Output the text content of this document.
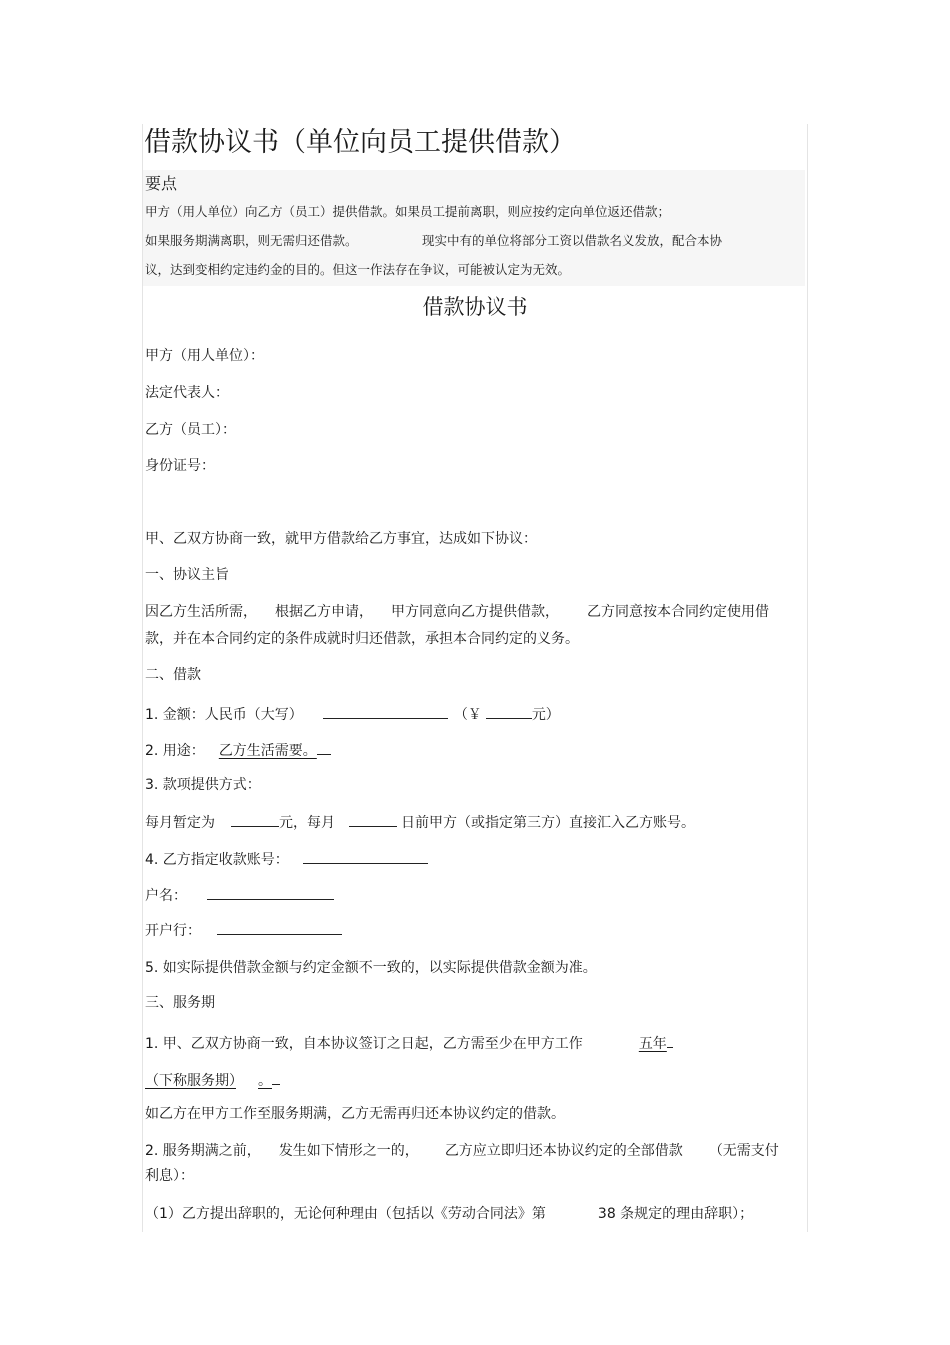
借款协议书（单位向员工提供借款）
要点
甲方（用人单位）向乙方（员工）提供借款。如果员工提前离职，则应按约定向单位返还借款；
如果服务期满离职，则无需归还借款。	现实中有的单位将部分工资以借款名义发放，配合本协
议，达到变相约定违约金的目的。但这一作法存在争议，可能被认定为无效。
借款协议书
甲方（用人单位）：
法定代表人：
乙方（员工）：
身份证号：
甲、乙双方协商一致，就甲方借款给乙方事宜，达成如下协议：
一、协议主旨
因乙方生活所需， 根据乙方申请， 甲方同意向乙方提供借款， 乙方同意按本合同约定使用借
款，并在本合同约定的条件成就时归还借款，承担本合同约定的义务。
二、借款
1. 金额：人民币（大写）	（￥	元）
2. 用途： 乙方生活需要。
3. 款项提供方式：
每月暂定为	元，每月	日前甲方（或指定第三方）直接汇入乙方账号。
4. 乙方指定收款账号：
户名：
开户行：
5. 如实际提供借款金额与约定金额不一致的，以实际提供借款金额为准。
三、服务期
1. 甲、乙双方协商一致，自本协议签订之日起，乙方需至少在甲方工作	五年
（下称服务期） 。
如乙方在甲方工作至服务期满，乙方无需再归还本协议约定的借款。
2. 服务期满之前， 发生如下情形之一的， 乙方应立即归还本协议约定的全部借款 （无需支付
利息）：
（1）乙方提出辞职的，无论何种理由（包括以《劳动合同法》第	38 条规定的理由辞职）；
